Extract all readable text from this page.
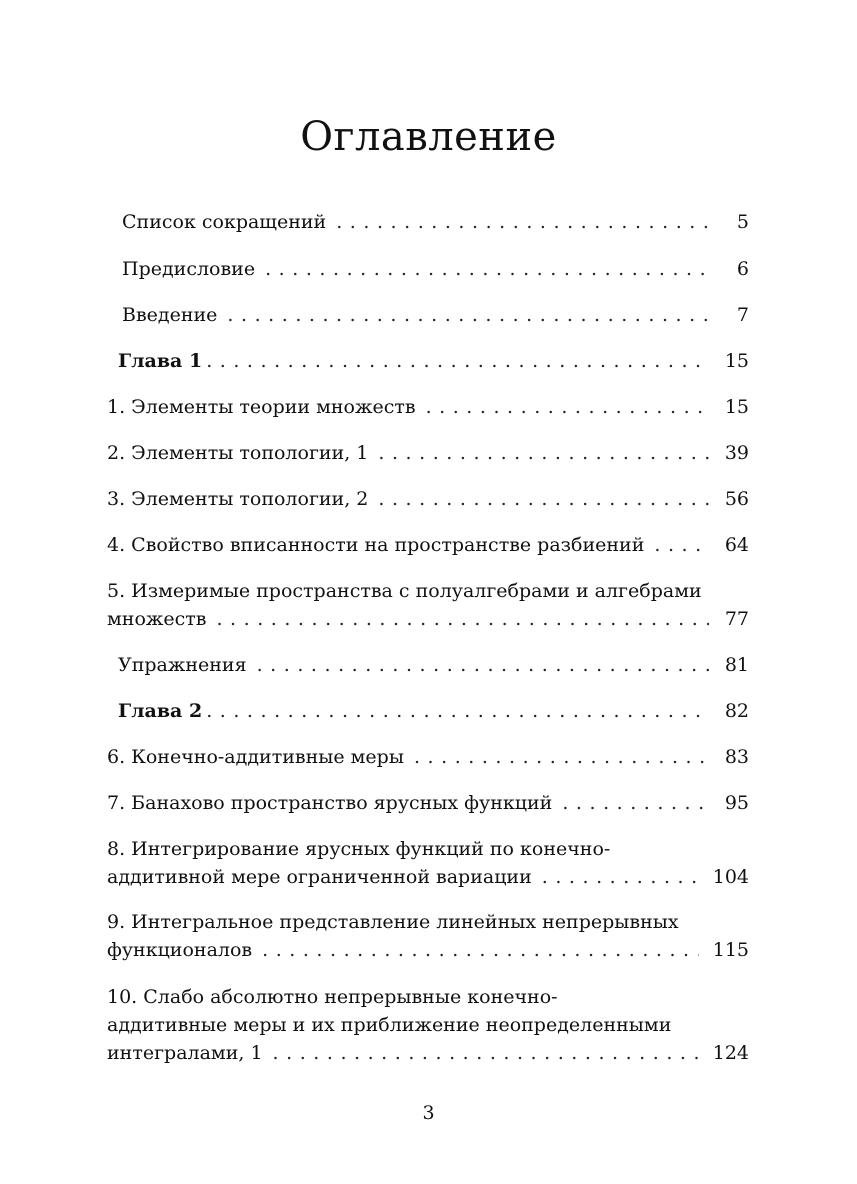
Оглавление
Список сокращений . . .	5
Предисловие . . .	6
Введение . . .	7
Глава 1 . . .	15
1. Элементы теории множеств . . .	15
2. Элементы топологии, 1 . . .	39
3. Элементы топологии, 2 . . .	56
4. Свойство вписанности на пространстве разбиений . . .	64
5. Измеримые пространства с полуалгебрами и алгебрами
множеств . . .	77
Упражнения . . .	81
Глава 2 . . .	82
6. Конечно-аддитивные меры . . .	83
7. Банахово пространство ярусных функций . . .	95
8. Интегрирование ярусных функций по конечно-
аддитивной мере ограниченной вариации . . .	104
9. Интегральное представление линейных непрерывных
функционалов . . .	115
10. Слабо абсолютно непрерывные конечно-
аддитивные меры и их приближение неопределенными
интегралами, 1 . . .	124
3
